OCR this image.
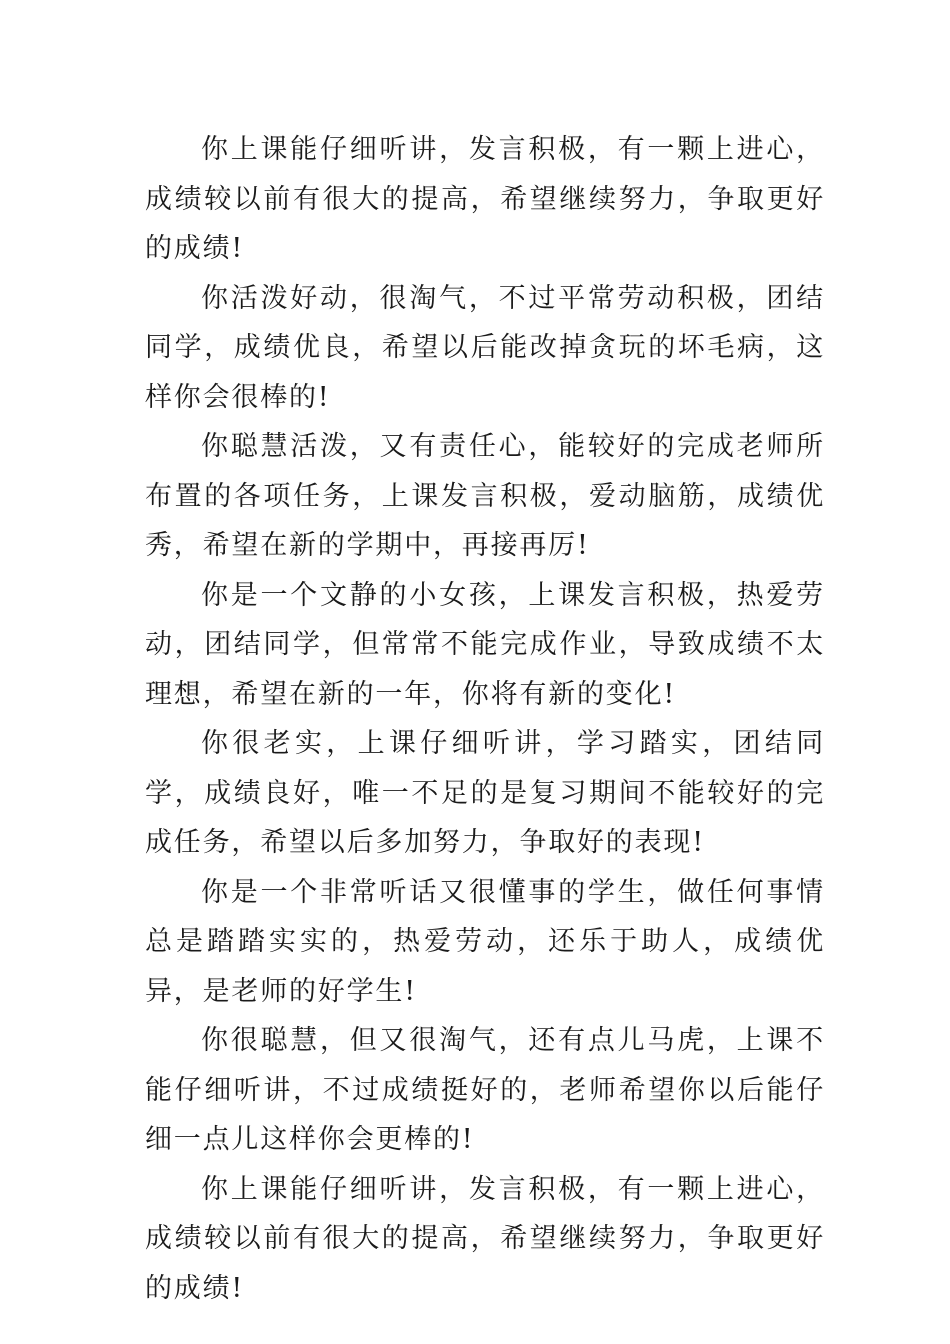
你上课能仔细听讲，发言积极，有一颗上进心，成绩较以前有很大的提高，希望继续努力，争取更好的成绩!

你活泼好动，很淘气，不过平常劳动积极，团结同学，成绩优良，希望以后能改掉贪玩的坏毛病，这样你会很棒的!

你聪慧活泼，又有责任心，能较好的完成老师所布置的各项任务，上课发言积极，爱动脑筋，成绩优秀，希望在新的学期中，再接再厉!

你是一个文静的小女孩，上课发言积极，热爱劳动，团结同学，但常常不能完成作业，导致成绩不太理想，希望在新的一年，你将有新的变化!

你很老实，上课仔细听讲，学习踏实，团结同学，成绩良好，唯一不足的是复习期间不能较好的完成任务，希望以后多加努力，争取好的表现!

你是一个非常听话又很懂事的学生，做任何事情总是踏踏实实的，热爱劳动，还乐于助人，成绩优异，是老师的好学生!

你很聪慧，但又很淘气，还有点儿马虎，上课不能仔细听讲，不过成绩挺好的，老师希望你以后能仔细一点儿这样你会更棒的!

你上课能仔细听讲，发言积极，有一颗上进心，成绩较以前有很大的提高，希望继续努力，争取更好的成绩!
